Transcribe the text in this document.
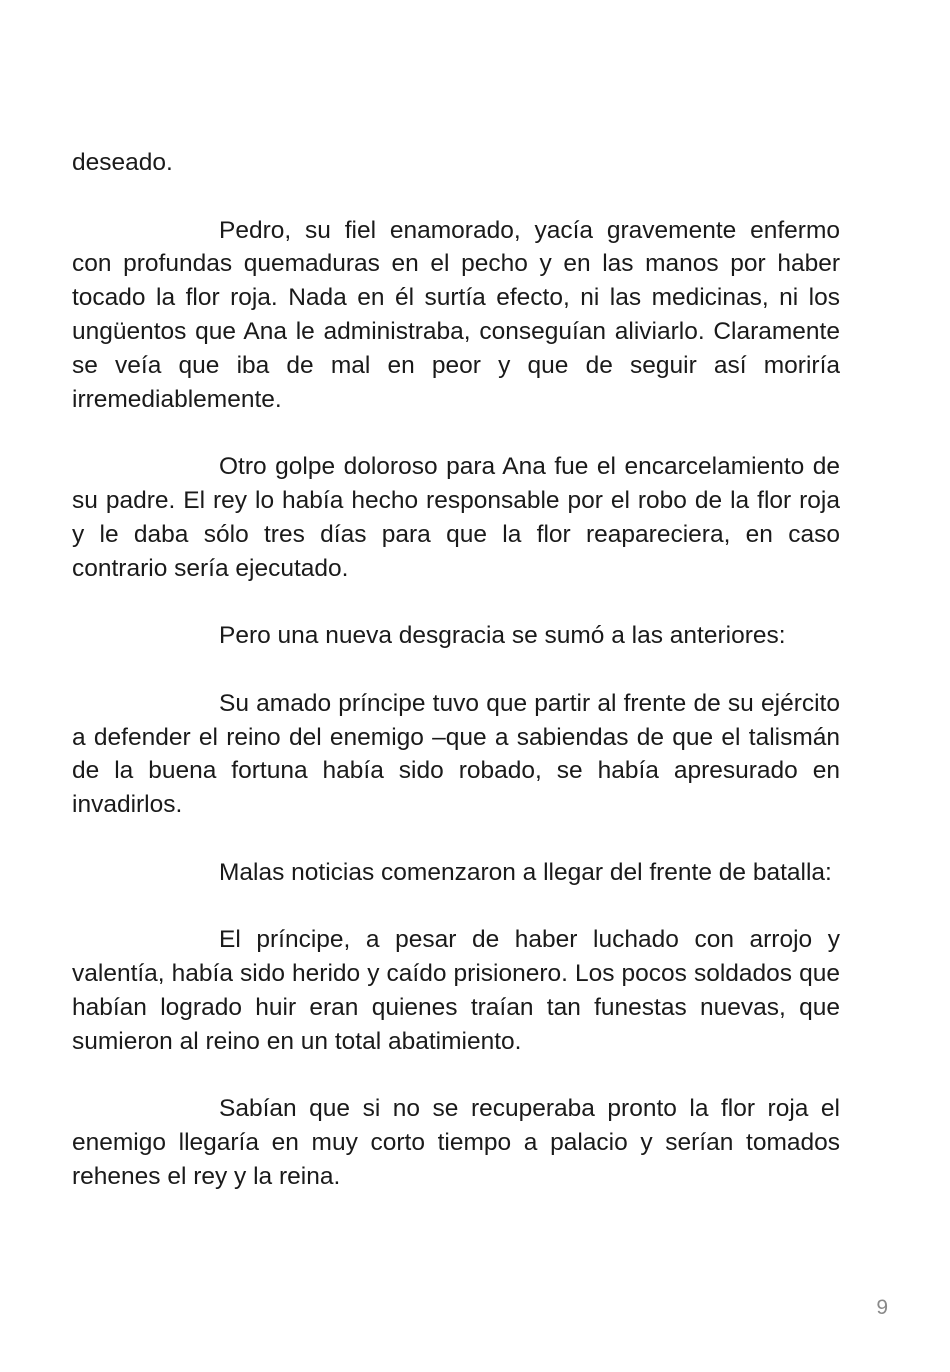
deseado.

Pedro, su fiel enamorado, yacía gravemente enfermo con profundas quemaduras en el pecho y en las manos por haber tocado la flor roja. Nada en él surtía efecto, ni las medicinas, ni los ungüentos que Ana le administraba, conseguían aliviarlo. Claramente se veía que iba de mal en peor y que de seguir así moriría irremediablemente.

Otro golpe doloroso para Ana fue el encarcelamiento de su padre. El rey lo había hecho responsable por el robo de la flor roja y le daba sólo tres días para que la flor reapareciera, en caso contrario sería ejecutado.

Pero una nueva desgracia se sumó a las anteriores:

Su amado príncipe tuvo que partir al frente de su ejército a defender el reino del enemigo –que a sabiendas de que el talismán de la buena fortuna había sido robado, se había apresurado en invadirlos.

Malas noticias comenzaron a llegar del frente de batalla:

El príncipe, a pesar de haber luchado con arrojo y valentía, había sido herido y caído prisionero. Los pocos soldados que habían logrado huir eran quienes traían tan funestas nuevas, que sumieron al reino en un total abatimiento.

Sabían que si no se recuperaba pronto la flor roja el enemigo llegaría en muy corto tiempo a palacio y serían tomados rehenes el rey y la reina.

9
